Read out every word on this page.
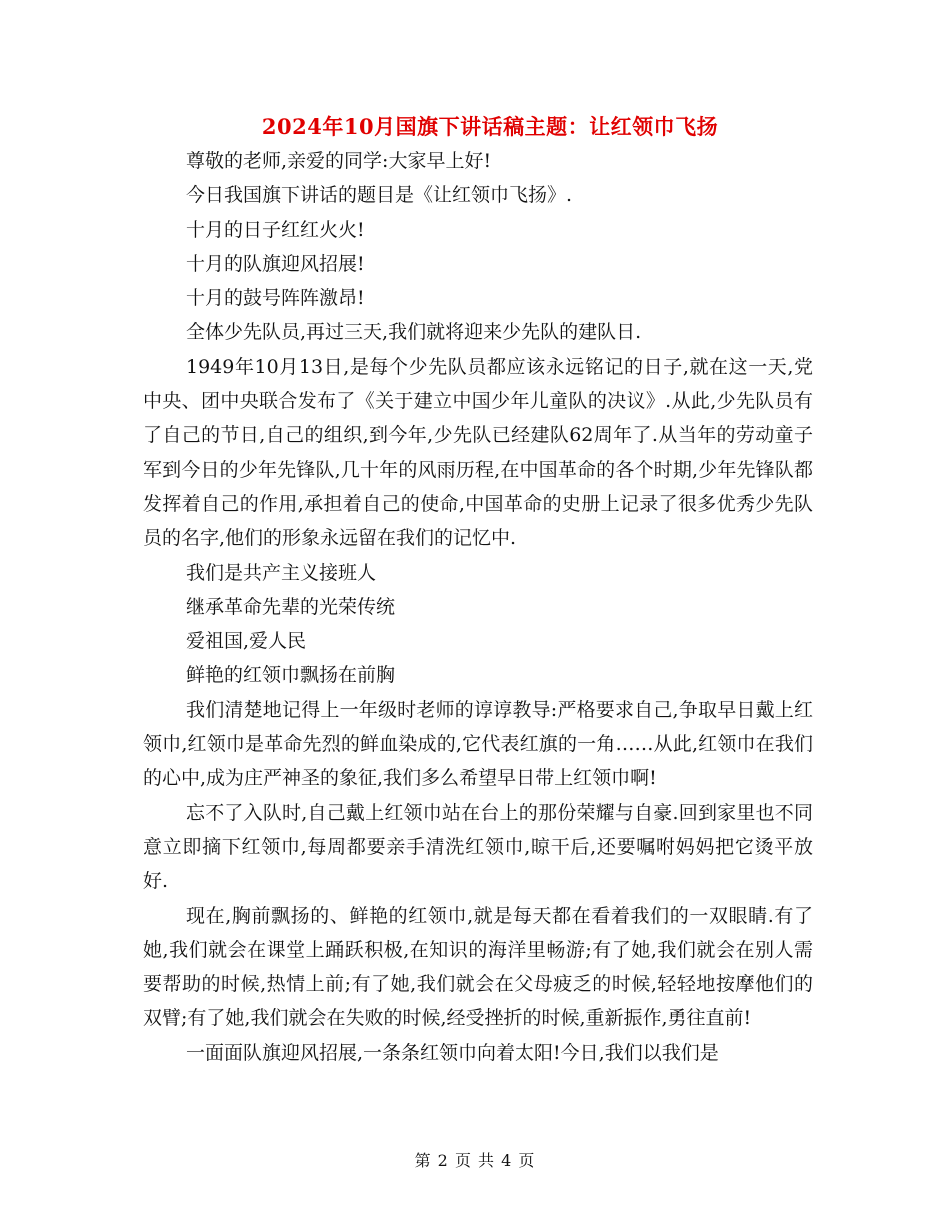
2024年10月国旗下讲话稿主题：让红领巾飞扬

尊敬的老师,亲爱的同学:大家早上好!

今日我国旗下讲话的题目是《让红领巾飞扬》.

十月的日子红红火火!

十月的队旗迎风招展!

十月的鼓号阵阵激昂!

全体少先队员,再过三天,我们就将迎来少先队的建队日.

1949年10月13日,是每个少先队员都应该永远铭记的日子,就在这一天,党中央、团中央联合发布了《关于建立中国少年儿童队的决议》.从此,少先队员有了自己的节日,自己的组织,到今年,少先队已经建队62周年了.从当年的劳动童子军到今日的少年先锋队,几十年的风雨历程,在中国革命的各个时期,少年先锋队都发挥着自己的作用,承担着自己的使命,中国革命的史册上记录了很多优秀少先队员的名字,他们的形象永远留在我们的记忆中.

我们是共产主义接班人

继承革命先辈的光荣传统

爱祖国,爱人民

鲜艳的红领巾飘扬在前胸

我们清楚地记得上一年级时老师的谆谆教导:严格要求自己,争取早日戴上红领巾,红领巾是革命先烈的鲜血染成的,它代表红旗的一角……从此,红领巾在我们的心中,成为庄严神圣的象征,我们多么希望早日带上红领巾啊!

忘不了入队时,自己戴上红领巾站在台上的那份荣耀与自豪.回到家里也不同意立即摘下红领巾,每周都要亲手清洗红领巾,晾干后,还要嘱咐妈妈把它烫平放好.

现在,胸前飘扬的、鲜艳的红领巾,就是每天都在看着我们的一双眼睛.有了她,我们就会在课堂上踊跃积极,在知识的海洋里畅游;有了她,我们就会在别人需要帮助的时候,热情上前;有了她,我们就会在父母疲乏的时候,轻轻地按摩他们的双臂;有了她,我们就会在失败的时候,经受挫折的时候,重新振作,勇往直前!

一面面队旗迎风招展,一条条红领巾向着太阳!今日,我们以我们是

第 2 页 共 4 页
